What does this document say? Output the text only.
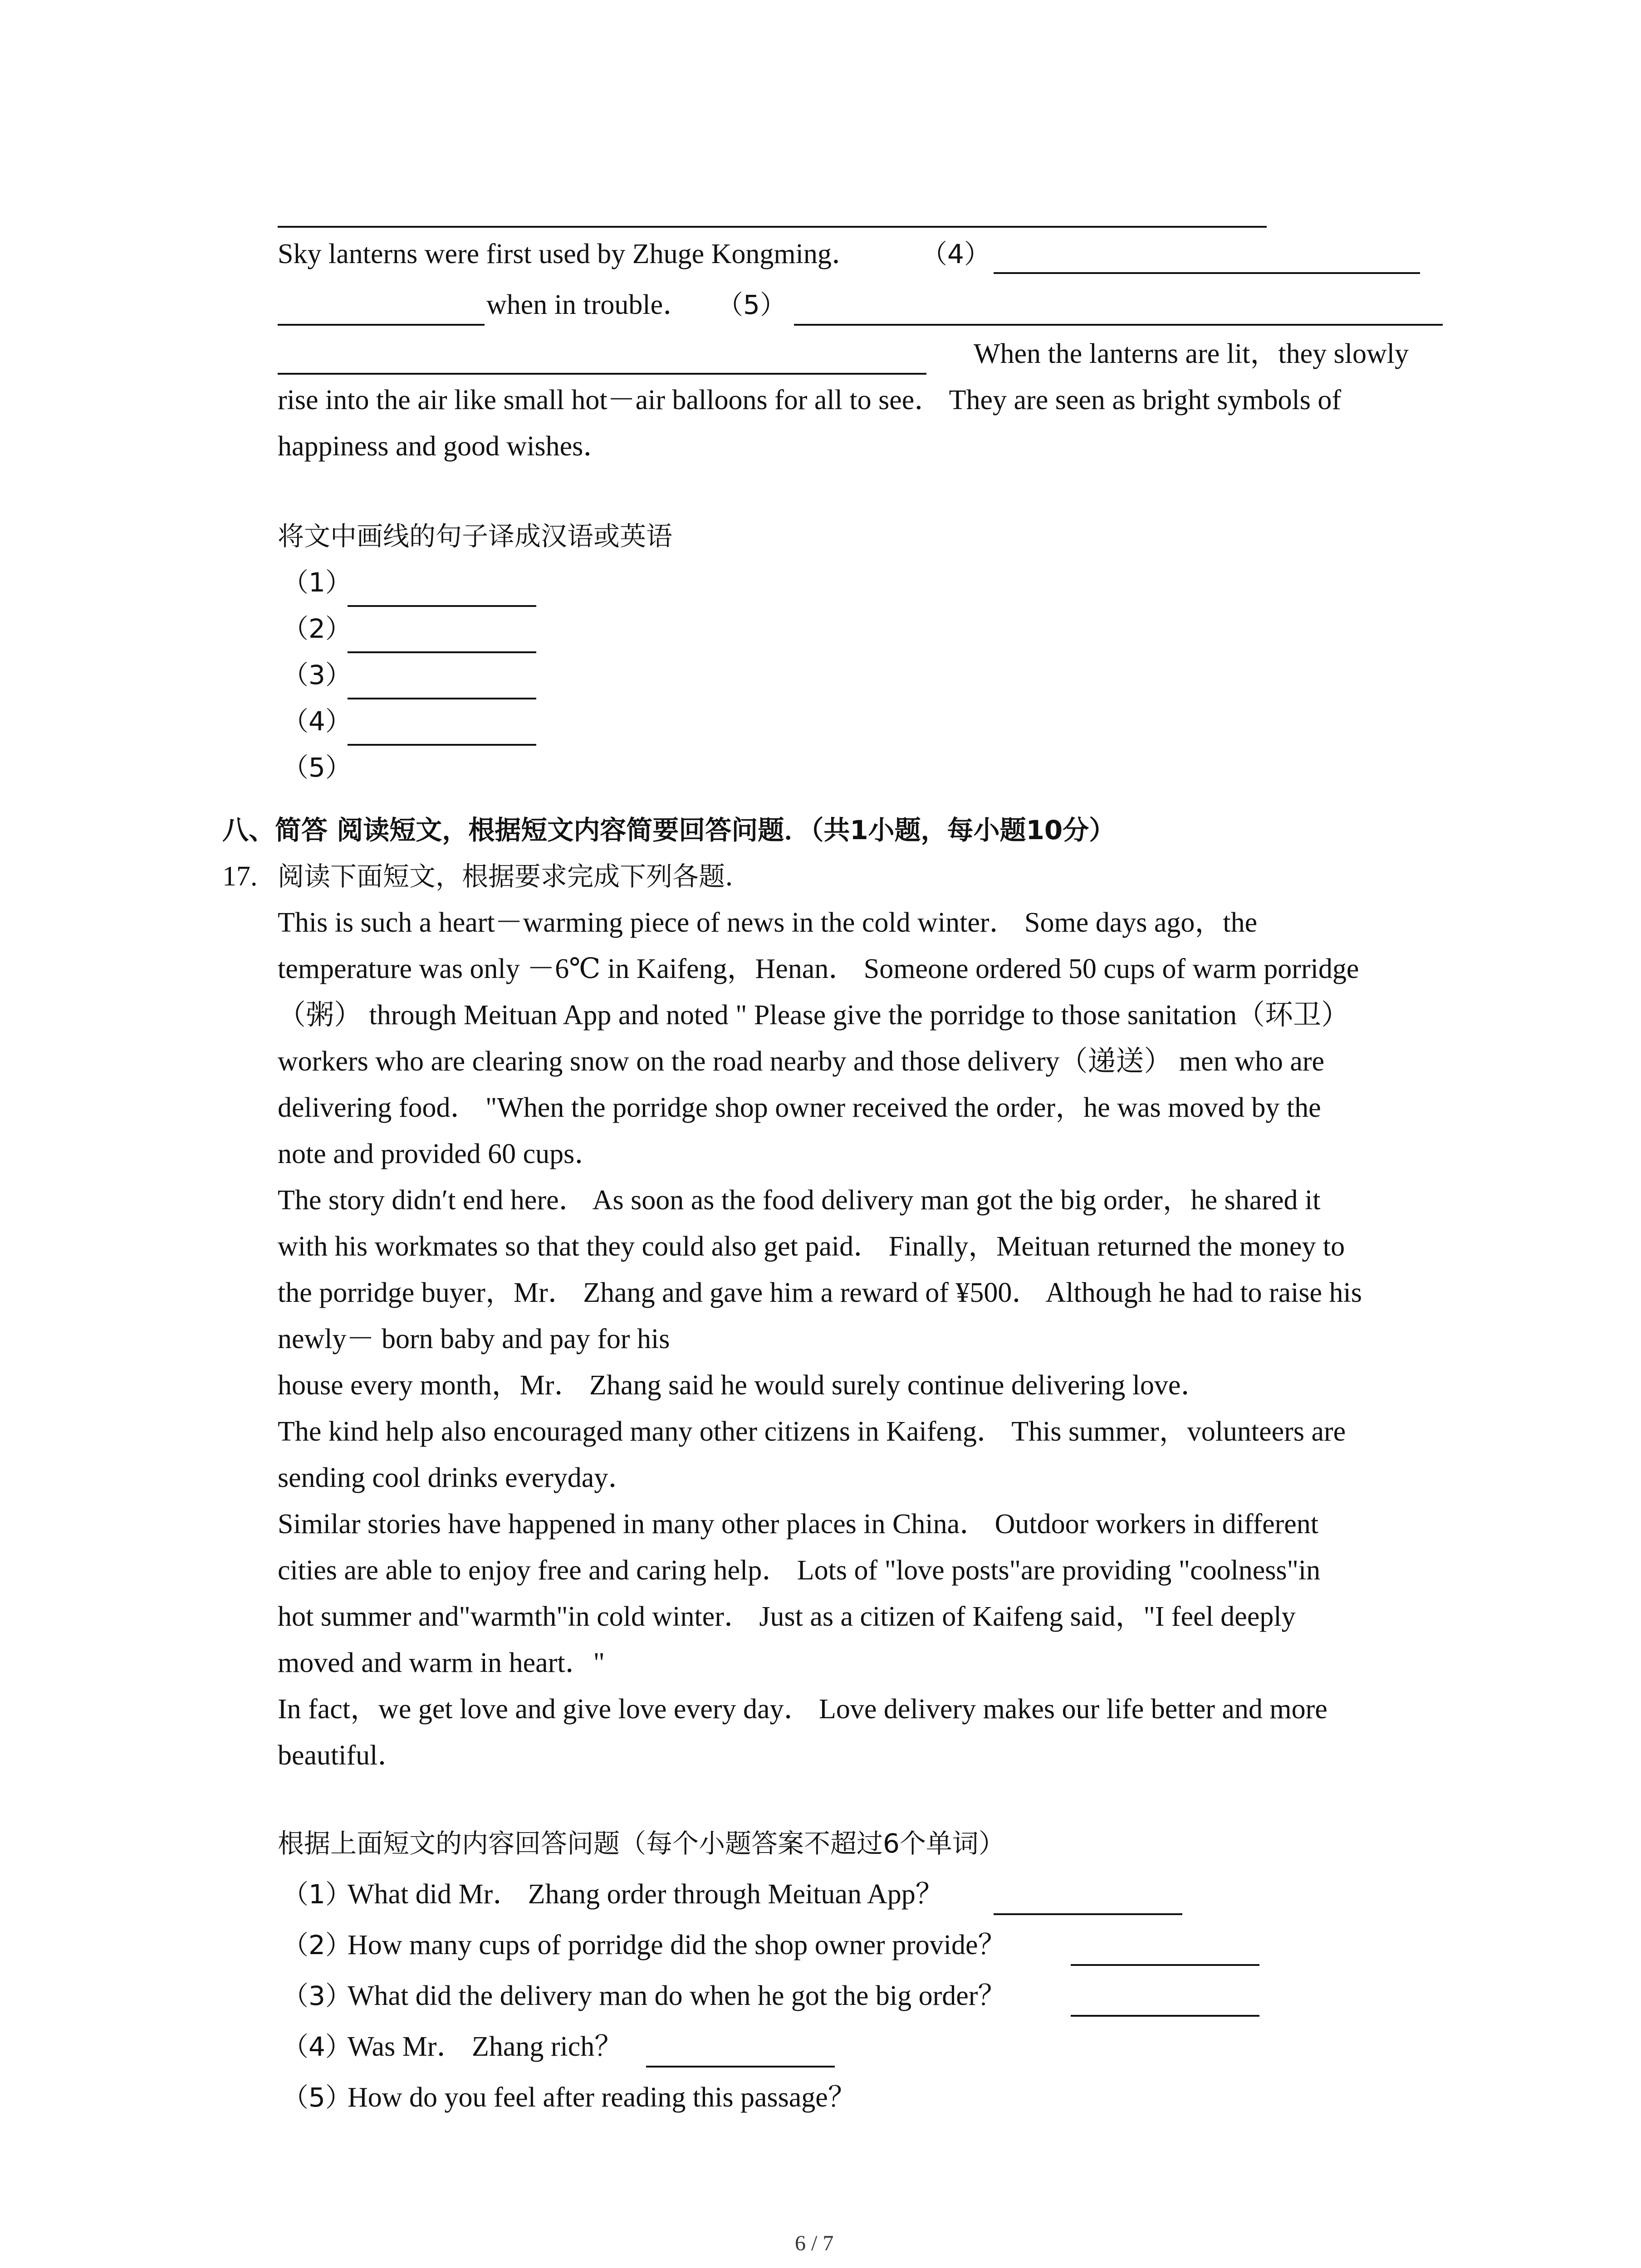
Sky lanterns were first used by Zhuge Kongming． （4）
when in trouble． （5）
When the lanterns are lit，they slowly
rise into the air like small hot－air balloons for all to see． They are seen as bright symbols of
happiness and good wishes．
将文中画线的句子译成汉语或英语
（1）
（2）
（3）
（4）
（5）
八、简答 阅读短文，根据短文内容简要回答问题．（共1小题，每小题10分）
17. 阅读下面短文，根据要求完成下列各题．
This is such a heart－warming piece of news in the cold winter． Some days ago，the
temperature was only －6℃ in Kaifeng，Henan． Someone ordered 50 cups of warm porridge
（粥） through Meituan App and noted " Please give the porridge to those sanitation（环卫）
workers who are clearing snow on the road nearby and those delivery（递送） men who are
delivering food． "When the porridge shop owner received the order，he was moved by the
note and provided 60 cups．
The story didn′t end here． As soon as the food delivery man got the big order，he shared it
with his workmates so that they could also get paid． Finally，Meituan returned the money to
the porridge buyer，Mr． Zhang and gave him a reward of ¥500． Although he had to raise his
newly－ born baby and pay for his
house every month，Mr． Zhang said he would surely continue delivering love．
The kind help also encouraged many other citizens in Kaifeng． This summer，volunteers are
sending cool drinks everyday．
Similar stories have happened in many other places in China． Outdoor workers in different
cities are able to enjoy free and caring help． Lots of "love posts"are providing "coolness"in
hot summer and"warmth"in cold winter． Just as a citizen of Kaifeng said，"I feel deeply
moved and warm in heart．"
In fact，we get love and give love every day． Love delivery makes our life better and more
beautiful．
根据上面短文的内容回答问题（每个小题答案不超过6个单词）
（1）
What did Mr． Zhang order through Meituan App？
（2）
How many cups of porridge did the shop owner provide？
（3）
What did the delivery man do when he got the big order？
（4）
Was Mr． Zhang rich？
（5）
How do you feel after reading this passage？
6 / 7
